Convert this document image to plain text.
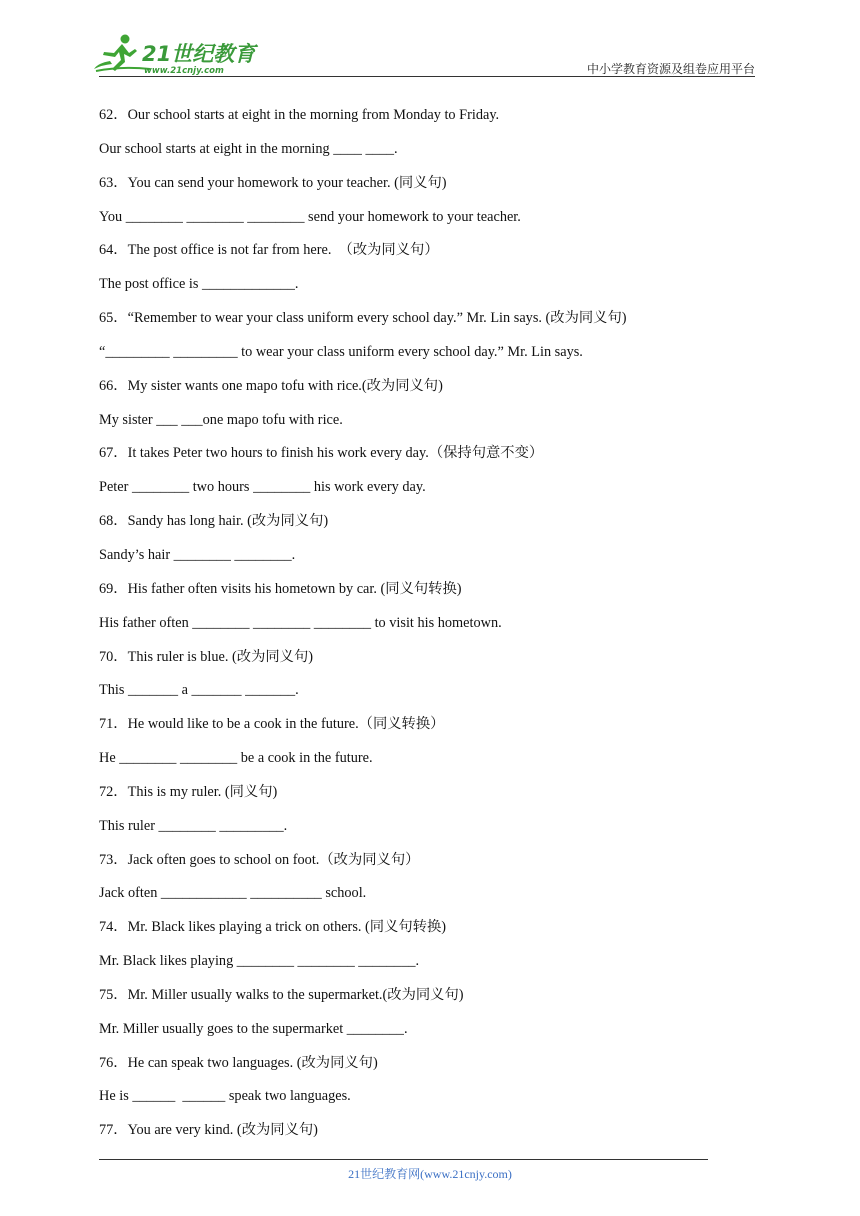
21世纪教育
www.21cnjy.com	中小学教育资源及组卷应用平台
62．Our school starts at eight in the morning from Monday to Friday.
Our school starts at eight in the morning ____ ____.
63．You can send your homework to your teacher. (同义句)
You ________ ________ ________ send your homework to your teacher.
64．The post office is not far from here.  （改为同义句）
The post office is _____________.
65．“Remember to wear your class uniform every school day.” Mr. Lin says. (改为同义句)
“_________ _________ to wear your class uniform every school day.” Mr. Lin says.
66．My sister wants one mapo tofu with rice.(改为同义句)
My sister ___ ___one mapo tofu with rice.
67．It takes Peter two hours to finish his work every day.（保持句意不变）
Peter ________ two hours ________ his work every day.
68．Sandy has long hair. (改为同义句)
Sandy’s hair ________ ________.
69．His father often visits his hometown by car. (同义句转换)
His father often ________ ________ ________ to visit his hometown.
70．This ruler is blue. (改为同义句)
This _______ a _______ _______.
71．He would like to be a cook in the future.（同义转换）
He ________ ________ be a cook in the future.
72．This is my ruler. (同义句)
This ruler ________ _________.
73．Jack often goes to school on foot.（改为同义句）
Jack often ____________ __________ school.
74．Mr. Black likes playing a trick on others. (同义句转换)
Mr. Black likes playing ________ ________ ________.
75．Mr. Miller usually walks to the supermarket.(改为同义句)
Mr. Miller usually goes to the supermarket ________.
76．He can speak two languages. (改为同义句)
He is ______  ______ speak two languages.
77．You are very kind. (改为同义句)
21世纪教育网(www.21cnjy.com)
